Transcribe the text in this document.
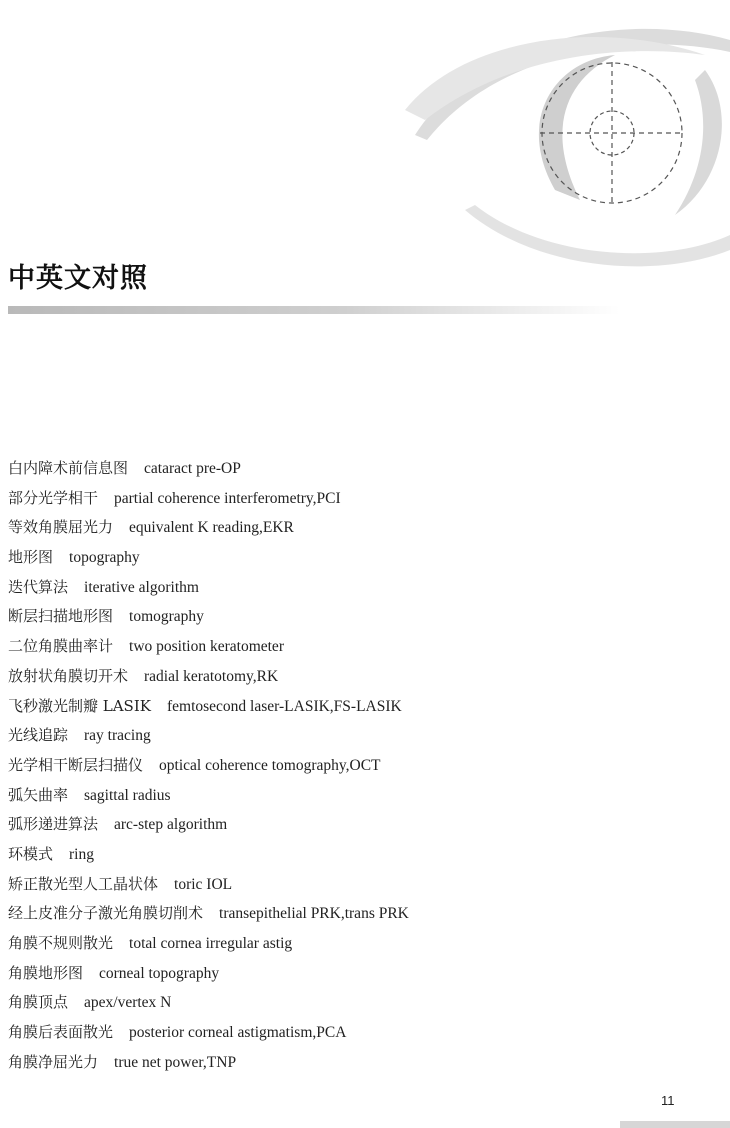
中英文对照
白内障术前信息图 cataract pre-OP
部分光学相干 partial coherence interferometry,PCI
等效角膜屈光力 equivalent K reading,EKR
地形图 topography
迭代算法 iterative algorithm
断层扫描地形图 tomography
二位角膜曲率计 two position keratometer
放射状角膜切开术 radial keratotomy,RK
飞秒激光制瓣 LASIK femtosecond laser-LASIK,FS-LASIK
光线追踪 ray tracing
光学相干断层扫描仪 optical coherence tomography,OCT
弧矢曲率 sagittal radius
弧形递进算法 arc-step algorithm
环模式 ring
矫正散光型人工晶状体 toric IOL
经上皮准分子激光角膜切削术 transepithelial PRK,trans PRK
角膜不规则散光 total cornea irregular astig
角膜地形图 corneal topography
角膜顶点 apex/vertex N
角膜后表面散光 posterior corneal astigmatism,PCA
角膜净屈光力 true net power,TNP
11
